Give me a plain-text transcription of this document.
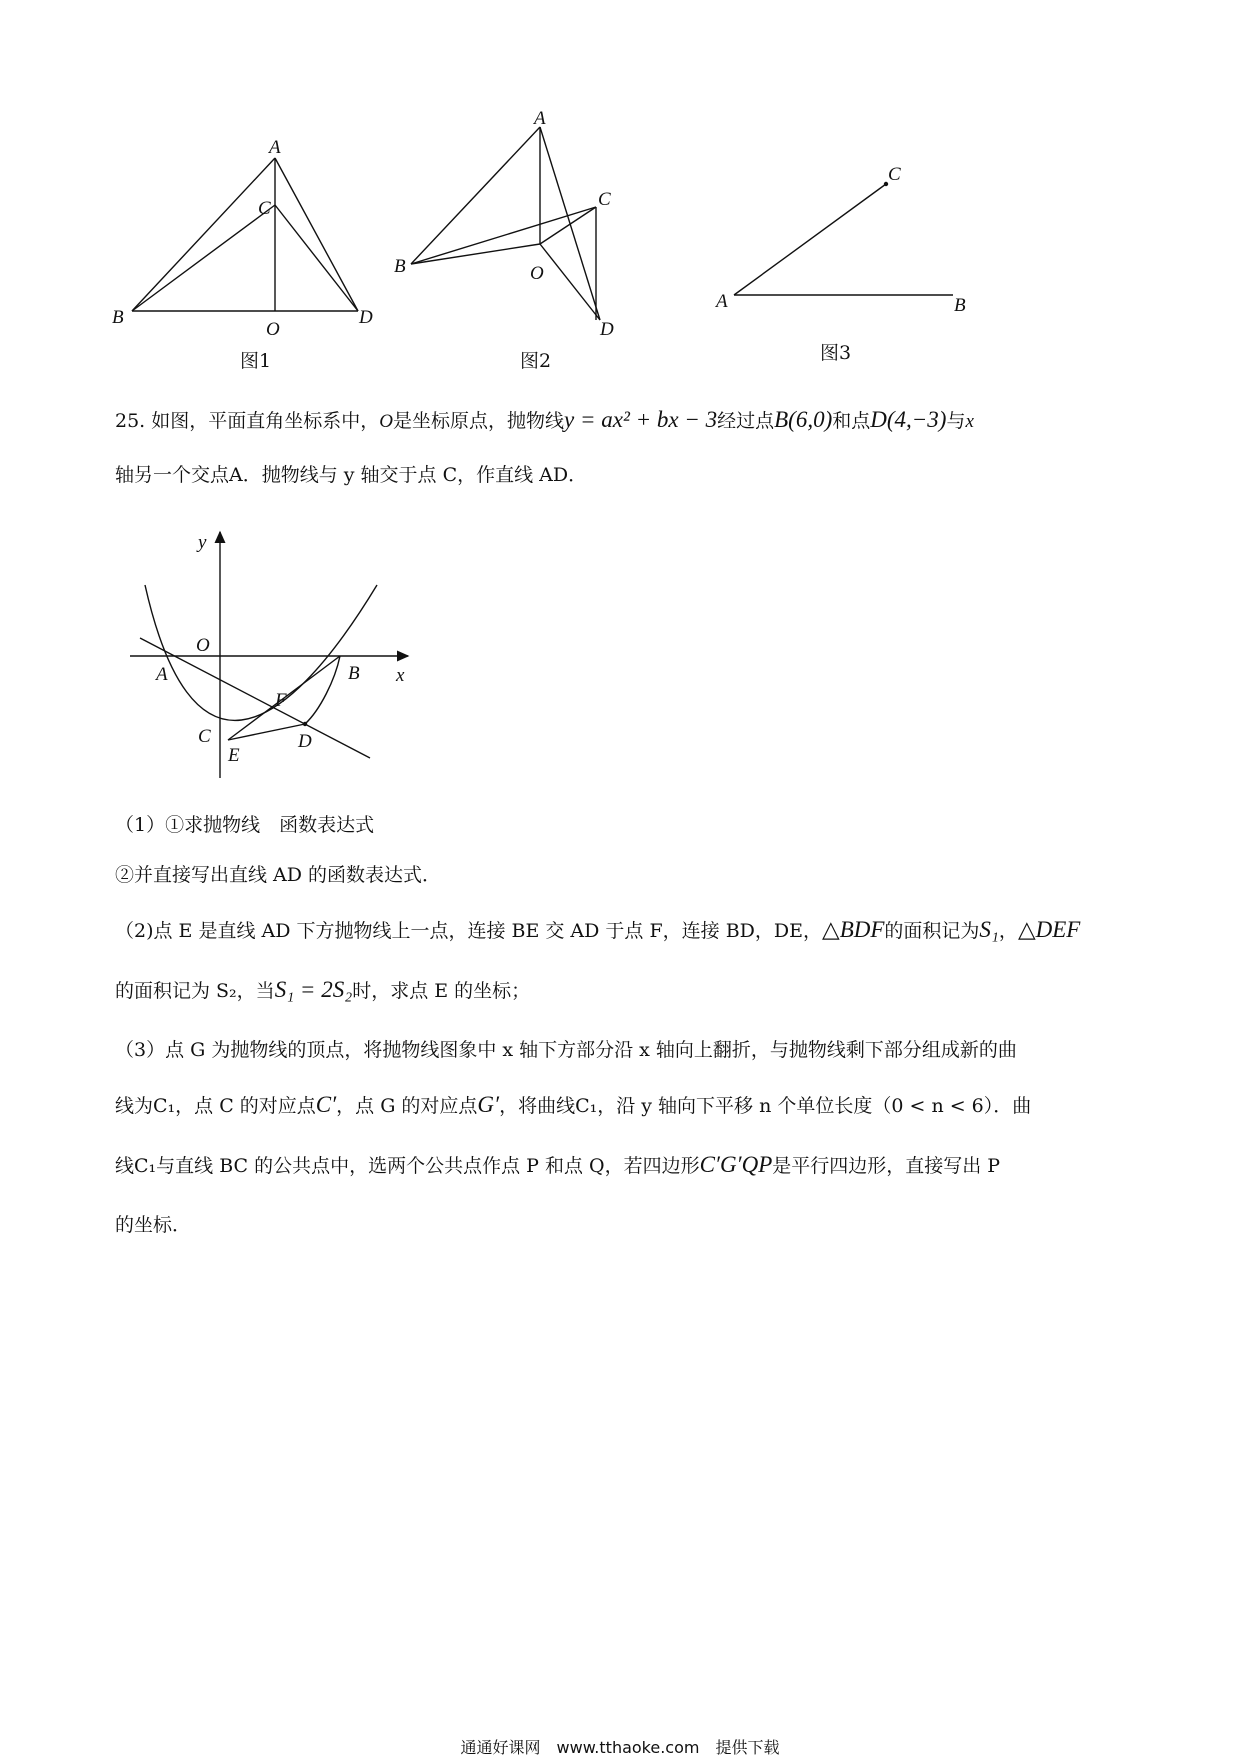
A
C
B
O
D
图1
A
C
B	O
D
图2
C
A	B
图3
25. 如图，平面直角坐标系中，O是坐标原点，抛物线y = ax² + bx − 3经过点B(6,0)和点D(4,−3)与x
轴另一个交点A．抛物线与 y 轴交于点 C，作直线 AD．
y
x
O
A	B
F
C
E
D
（1）①求抛物线　函数表达式
②并直接写出直线 AD 的函数表达式．
（2)点 E 是直线 AD 下方抛物线上一点，连接 BE 交 AD 于点 F，连接 BD，DE，△BDF的面积记为S₁，△DEF
的面积记为 S₂，当S₁ = 2S₂时，求点 E 的坐标；
（3）点 G 为抛物线的顶点，将抛物线图象中 x 轴下方部分沿 x 轴向上翻折，与抛物线剩下部分组成新的曲
线为C₁，点 C 的对应点C′，点 G 的对应点G′，将曲线C₁，沿 y 轴向下平移 n 个单位长度（0 < n < 6）．曲
线C₁与直线 BC 的公共点中，选两个公共点作点 P 和点 Q，若四边形C′G′QP是平行四边形，直接写出 P
的坐标．
通通好课网　www.tthaoke.com　提供下载
